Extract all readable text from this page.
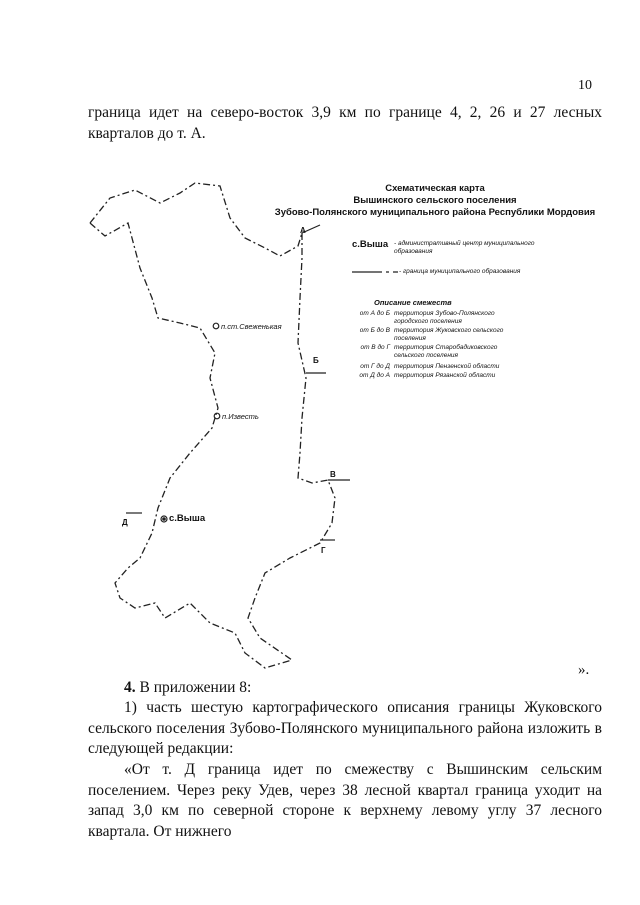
10

граница идет на северо-восток 3,9 км по границе 4, 2, 26 и 27 лесных кварталов до т. А.

Схематическая карта
Вышинского сельского поселения
Зубово-Полянского муниципального района Республики Мордовия
с.Выша - административный центр муниципального образования
- граница муниципального образования
Описание смежеств
от А до Б территория Зубово-Полянского городского поселения
от Б до В территория Жуковского сельского поселения
от В до Г территория Старобадиковского сельского поселения
от Г до Д территория Пензенской области
от Д до А территория Рязанской области
А
Б
В
Г
Д
п.ст.Свеженькая
п.Известь
с.Выша
».

4. В приложении 8:

1) часть шестую картографического описания границы Жуковского сельского поселения Зубово-Полянского муниципального района изложить в следующей редакции:

«От т. Д граница идет по смежеству с Вышинским сельским поселением. Через реку Удев, через 38 лесной квартал граница уходит на запад 3,0 км по северной стороне к верхнему левому углу 37 лесного квартала. От нижнего
